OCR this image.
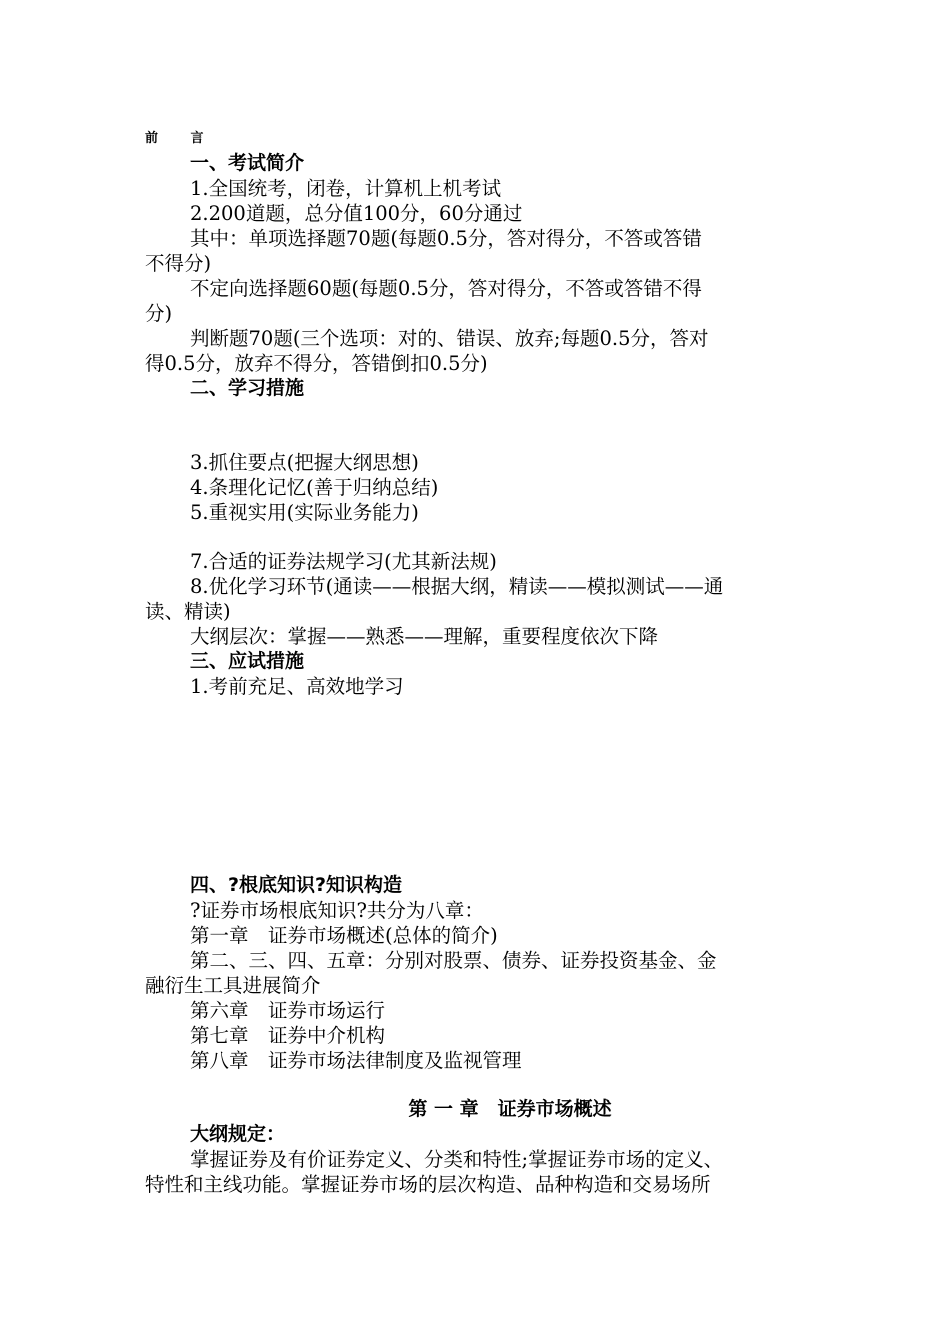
前 言
一、考试简介
1.全国统考，闭卷，计算机上机考试
2.200道题，总分值100分，60分通过
其中：单项选择题70题(每题0.5分，答对得分，不答或答错
不得分)
不定向选择题60题(每题0.5分，答对得分，不答或答错不得
分)
判断题70题(三个选项：对的、错误、放弃;每题0.5分，答对
得0.5分，放弃不得分，答错倒扣0.5分)
二、学习措施
3.抓住要点(把握大纲思想)
4.条理化记忆(善于归纳总结)
5.重视实用(实际业务能力)
7.合适的证券法规学习(尤其新法规)
8.优化学习环节(通读——根据大纲，精读——模拟测试——通
读、精读)
大纲层次：掌握——熟悉——理解，重要程度依次下降
三、应试措施
1.考前充足、高效地学习
四、?根底知识?知识构造
?证券市场根底知识?共分为八章：
第一章　证券市场概述(总体的简介)
第二、三、四、五章：分别对股票、债券、证券投资基金、金
融衍生工具进展简介
第六章　证券市场运行
第七章　证券中介机构
第八章　证券市场法律制度及监视管理
第 一 章　证券市场概述
大纲规定：
掌握证券及有价证券定义、分类和特性;掌握证券市场的定义、
特性和主线功能。掌握证券市场的层次构造、品种构造和交易场所
